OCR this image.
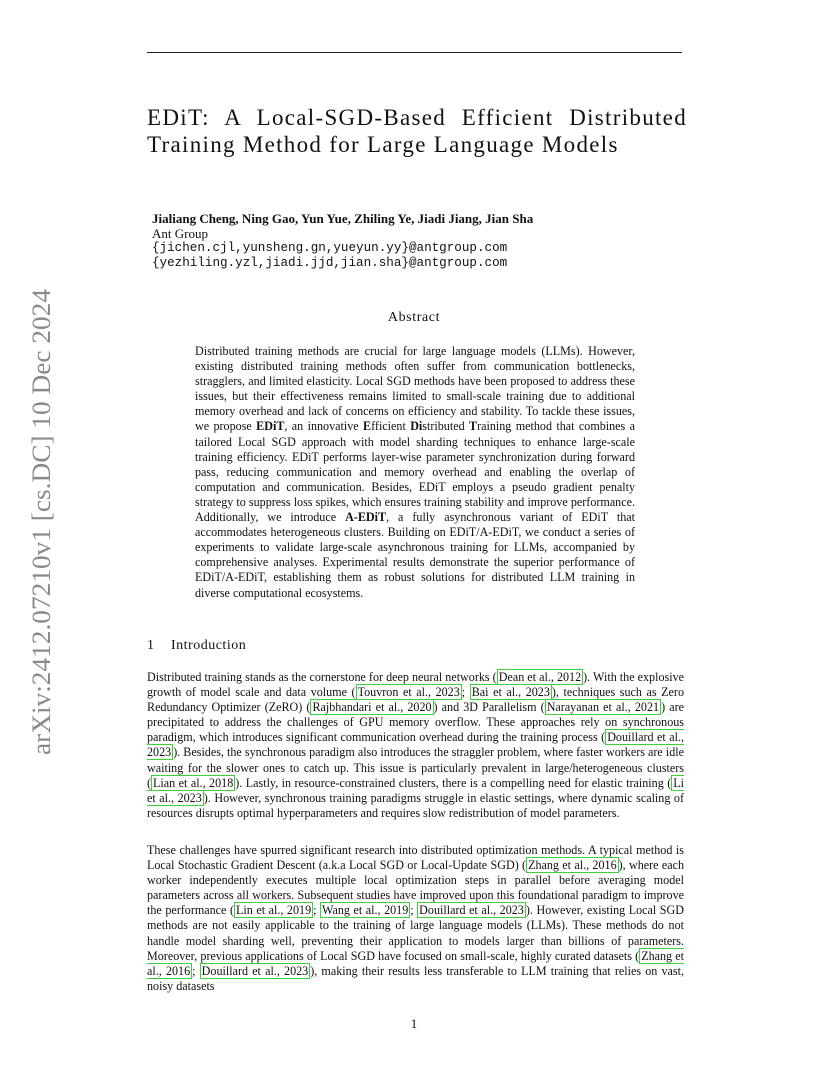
arXiv:2412.07210v1 [cs.DC] 10 Dec 2024
EDiT: A Local-SGD-Based Efficient Distributed Training Method for Large Language Models
Jialiang Cheng, Ning Gao, Yun Yue, Zhiling Ye, Jiadi Jiang, Jian Sha
Ant Group
{jichen.cjl,yunsheng.gn,yueyun.yy}@antgroup.com
{yezhiling.yzl,jiadi.jjd,jian.sha}@antgroup.com
Abstract

Distributed training methods are crucial for large language models (LLMs). However, existing distributed training methods often suffer from communication bottlenecks, stragglers, and limited elasticity. Local SGD methods have been proposed to address these issues, but their effectiveness remains limited to small-scale training due to additional memory overhead and lack of concerns on efficiency and stability. To tackle these issues, we propose EDiT, an innovative Efficient Distributed Training method that combines a tailored Local SGD approach with model sharding techniques to enhance large-scale training efficiency. EDiT performs layer-wise parameter synchronization during forward pass, reducing communication and memory overhead and enabling the overlap of computation and communication. Besides, EDiT employs a pseudo gradient penalty strategy to suppress loss spikes, which ensures training stability and improve performance. Additionally, we introduce A-EDiT, a fully asynchronous variant of EDiT that accommodates heterogeneous clusters. Building on EDiT/A-EDiT, we conduct a series of experiments to validate large-scale asynchronous training for LLMs, accompanied by comprehensive analyses. Experimental results demonstrate the superior performance of EDiT/A-EDiT, establishing them as robust solutions for distributed LLM training in diverse computational ecosystems.

1 Introduction

Distributed training stands as the cornerstone for deep neural networks ( Dean et al., 2012 ). With the explosive growth of model scale and data volume ( Touvron et al., 2023 ; Bai et al., 2023 ), techniques such as Zero Redundancy Optimizer (ZeRO) ( Rajbhandari et al., 2020 ) and 3D Parallelism ( Narayanan et al., 2021 ) are precipitated to address the challenges of GPU memory overflow. These approaches rely on synchronous paradigm, which introduces significant communication overhead during the training process ( Douillard et al., 2023 ). Besides, the synchronous paradigm also introduces the straggler problem, where faster workers are idle waiting for the slower ones to catch up. This issue is particularly prevalent in large/heterogeneous clusters ( Lian et al., 2018 ). Lastly, in resource-constrained clusters, there is a compelling need for elastic training ( Li et al., 2023 ). However, synchronous training paradigms struggle in elastic settings, where dynamic scaling of resources disrupts optimal hyperparameters and requires slow redistribution of model parameters.

These challenges have spurred significant research into distributed optimization methods. A typical method is Local Stochastic Gradient Descent (a.k.a Local SGD or Local-Update SGD) ( Zhang et al., 2016 ), where each worker independently executes multiple local optimization steps in parallel before averaging model parameters across all workers. Subsequent studies have improved upon this foundational paradigm to improve the performance ( Lin et al., 2019 ; Wang et al., 2019 ; Douillard et al., 2023 ). However, existing Local SGD methods are not easily applicable to the training of large language models (LLMs). These methods do not handle model sharding well, preventing their application to models larger than billions of parameters. Moreover, previous applications of Local SGD have focused on small-scale, highly curated datasets ( Zhang et al., 2016 ; Douillard et al., 2023 ), making their results less transferable to LLM training that relies on vast, noisy datasets

1
